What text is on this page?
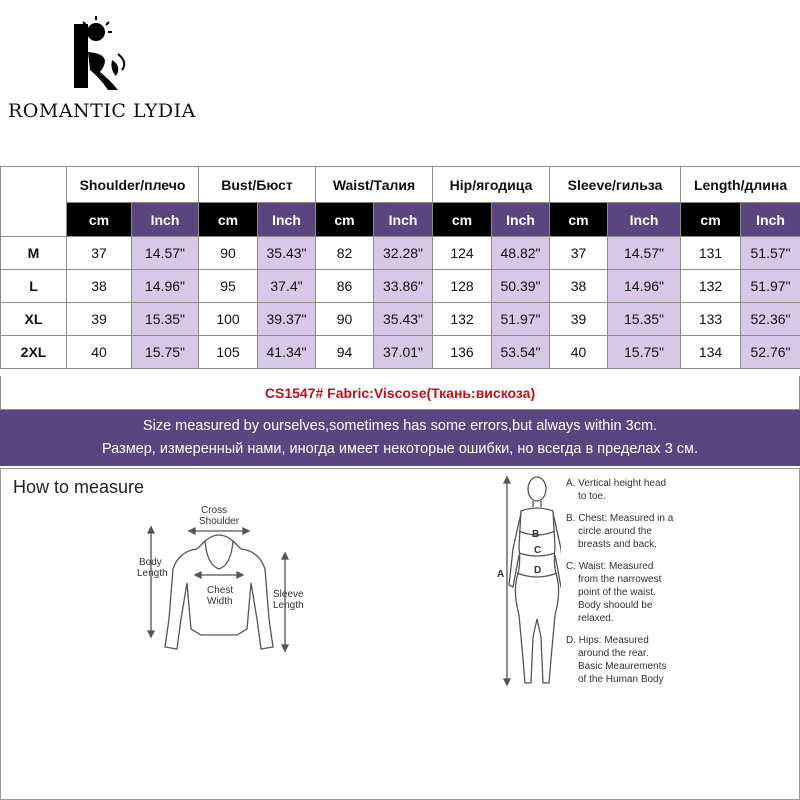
ROMANTIC LYDIA
SIZE	Shoulder/плечо		Bust/Бюст		Waist/Талия		Hip/ягодица		Sleeve/гильза		Length/длина	
	cm	Inch	cm	Inch	cm	Inch	cm	Inch	cm	Inch	cm	Inch
M	37	14.57"	90	35.43"	82	32.28"	124	48.82"	37	14.57"	131	51.57"
L	38	14.96"	95	37.4"	86	33.86"	128	50.39"	38	14.96"	132	51.97"
XL	39	15.35"	100	39.37"	90	35.43"	132	51.97"	39	15.35"	133	52.36"
2XL	40	15.75"	105	41.34"	94	37.01"	136	53.54"	40	15.75"	134	52.76"
CS1547# Fabric:Viscose(Ткань:вискоза)
Size measured by ourselves,sometimes has some errors,but always within 3cm.
Размер, измеренный нами, иногда имеет некоторые ошибки, но всегда в пределах 3 см.
How to measure
Cross
Shoulder
Body
Length
Chest
Width
Sleeve
Length
B
C
D
A
A. Vertical height head
to toe.
B. Chest: Measured in a
circle around the
breasts and back.
C. Waist: Measured
from the narrowest
point of the waist.
Body shoould be
relaxed.
D. Hips: Measured
around the rear.
Basic Meaurements
of the Human Body
